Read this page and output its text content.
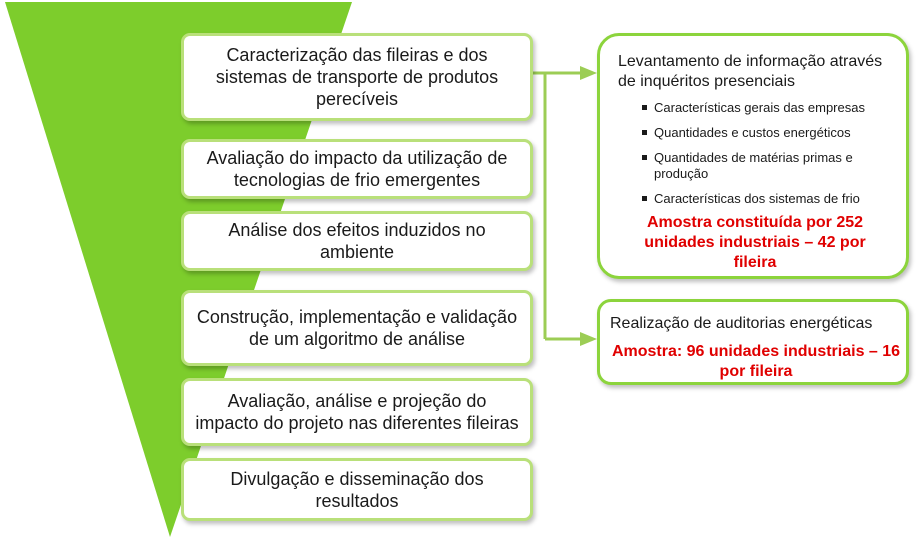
Caracterização das fileiras e dos sistemas de transporte de produtos perecíveis
Avaliação do impacto da utilização de tecnologias de frio emergentes
Análise dos efeitos induzidos no ambiente
Construção, implementação e validação de um algoritmo de análise
Avaliação, análise e projeção do impacto do projeto nas diferentes fileiras
Divulgação e disseminação dos resultados
Levantamento de informação através de inquéritos presenciais
Características gerais das empresas
Quantidades e custos energéticos
Quantidades de matérias primas e produção
Características dos sistemas de frio
Amostra constituída por 252 unidades industriais – 42 por fileira
Realização de auditorias energéticas
Amostra: 96 unidades industriais – 16 por fileira
